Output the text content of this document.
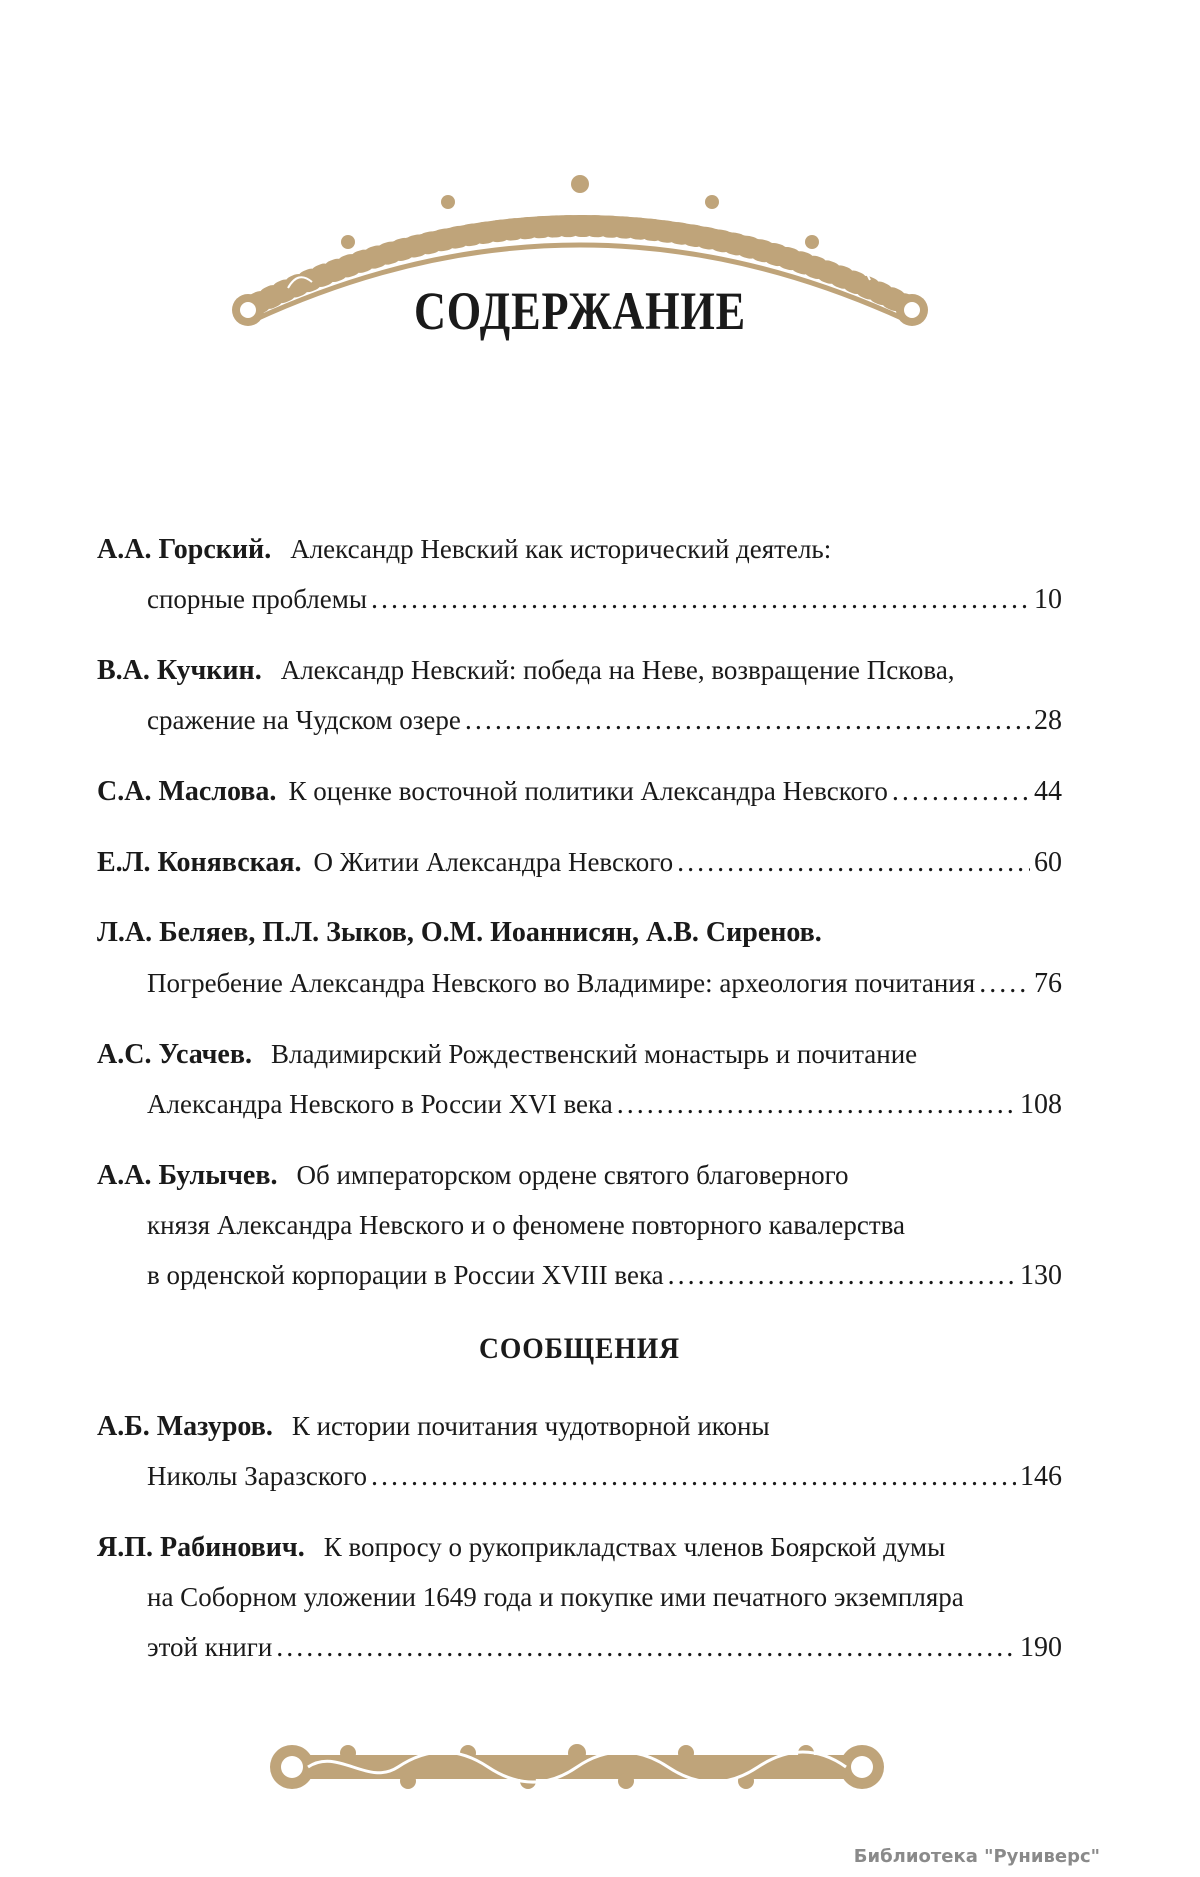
СОДЕРЖАНИЕ
А.А. Горский. Александр Невский как исторический деятель:
спорные проблемы .....	10
В.А. Кучкин. Александр Невский: победа на Неве, возвращение Пскова,
сражение на Чудском озере .....	28
С.А. Маслова. К оценке восточной политики Александра Невского .....	44
Е.Л. Конявская. О Житии Александра Невского .....	60
Л.А. Беляев, П.Л. Зыков, О.М. Иоаннисян, А.В. Сиренов.
Погребение Александра Невского во Владимире: археология почитания ..... 76
А.С. Усачев. Владимирский Рождественский монастырь и почитание
Александра Невского в России XVI века .....	108
А.А. Булычев. Об императорском ордене святого благоверного
князя Александра Невского и о феномене повторного кавалерства
в орденской корпорации в России XVIII века .....	130
СООБЩЕНИЯ
А.Б. Мазуров. К истории почитания чудотворной иконы
Николы Заразского .....	146
Я.П. Рабинович. К вопросу о рукоприкладствах членов Боярской думы
на Соборном уложении 1649 года и покупке ими печатного экземпляра
этой книги .....	190
Библиотека "Руниверс"
